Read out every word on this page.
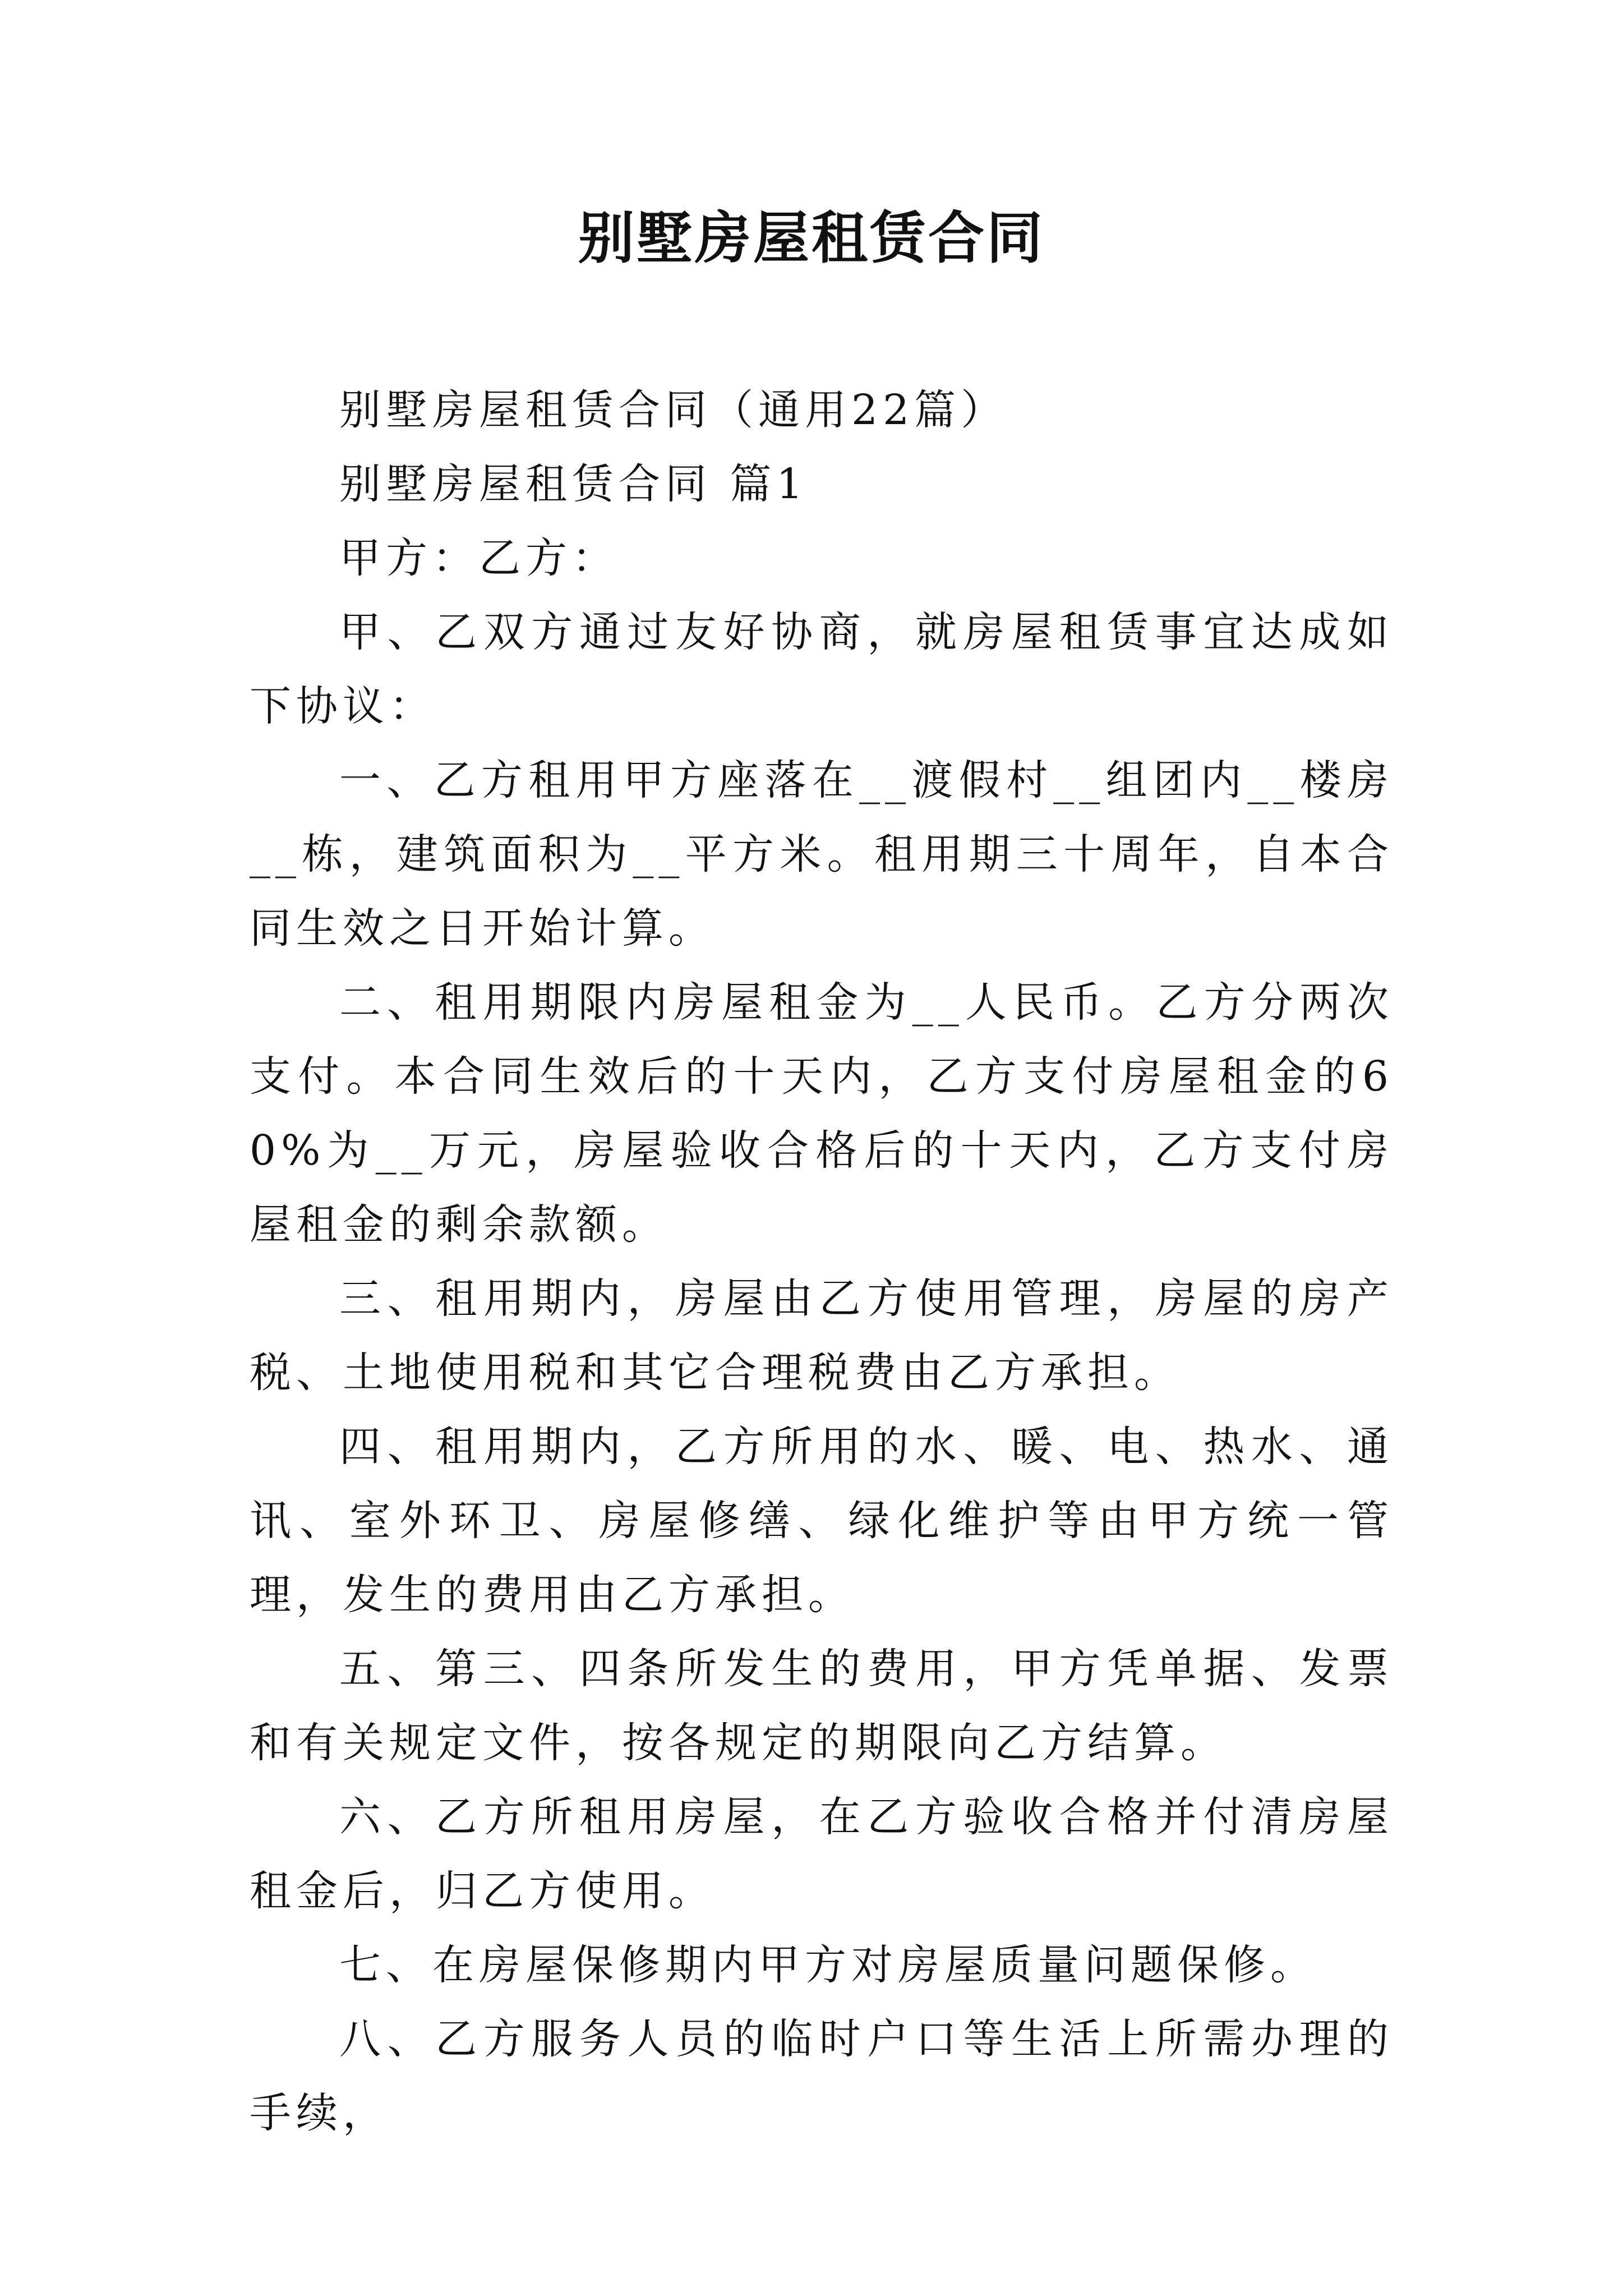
别墅房屋租赁合同

别墅房屋租赁合同（通用22篇）

别墅房屋租赁合同 篇1

甲方：乙方：

甲、乙双方通过友好协商，就房屋租赁事宜达成如下协议：

一、乙方租用甲方座落在__渡假村__组团内__楼房__栋，建筑面积为__平方米。租用期三十周年，自本合同生效之日开始计算。

二、租用期限内房屋租金为__人民币。乙方分两次支付。本合同生效后的十天内，乙方支付房屋租金的60%为__万元，房屋验收合格后的十天内，乙方支付房屋租金的剩余款额。

三、租用期内，房屋由乙方使用管理，房屋的房产税、土地使用税和其它合理税费由乙方承担。

四、租用期内，乙方所用的水、暖、电、热水、通讯、室外环卫、房屋修缮、绿化维护等由甲方统一管理，发生的费用由乙方承担。

五、第三、四条所发生的费用，甲方凭单据、发票和有关规定文件，按各规定的期限向乙方结算。

六、乙方所租用房屋，在乙方验收合格并付清房屋租金后，归乙方使用。

七、在房屋保修期内甲方对房屋质量问题保修。

八、乙方服务人员的临时户口等生活上所需办理的手续，
